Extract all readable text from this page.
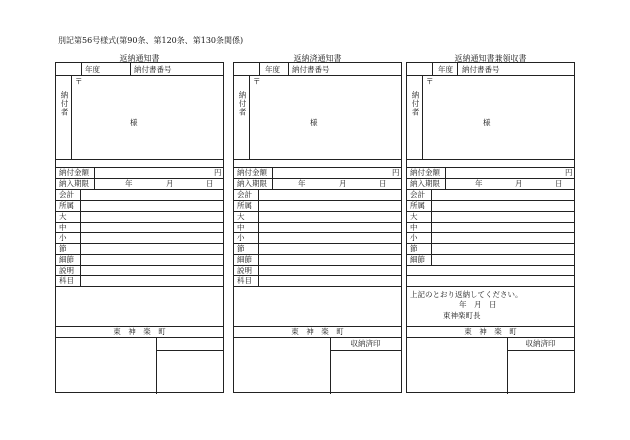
別記第56号様式(第90条、第120条、第130条関係)
返納通知書
年度	納付書番号
納付者
〒
様
納付金額	円
納入期限	年	月	日
会計
所属
大
中
小
節
細節
説明
科目
東　神　楽　町
返納済通知書
年度 納付書番号
納付者
〒
様
納付金額	円
納入期限	年	月	日
会計
所属
大
中
小
節
細節
説明
科目
東　神　楽　町
収納済印
返納通知書兼領収書
年度 納付書番号
納付者
〒
様
納付金額	円
納入期限	年	月	日
会計
所属
大
中
小
節
細節
上記のとおり返納してください。
年　月　日
東神楽町長
東　神　楽　町
収納済印
